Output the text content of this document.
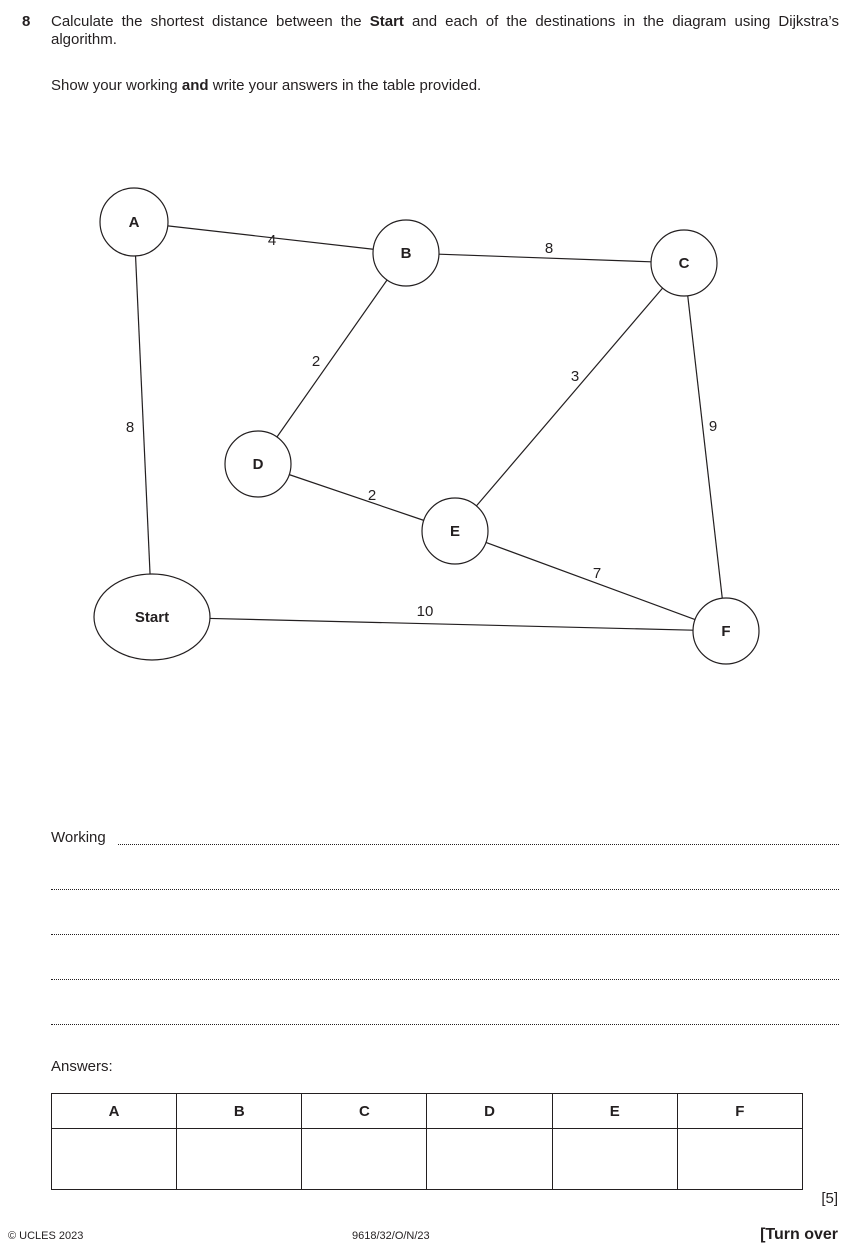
8 Calculate the shortest distance between the Start and each of the destinations in the diagram using Dijkstra’s algorithm.
Show your working and write your answers in the table provided.
A
B
C
D
E
F
Start
4	8
2
3
9
8
2
7
10
Working
Answers:
A	B	C	D	E	F

[5]
© UCLES 2023	9618/32/O/N/23	[Turn over
